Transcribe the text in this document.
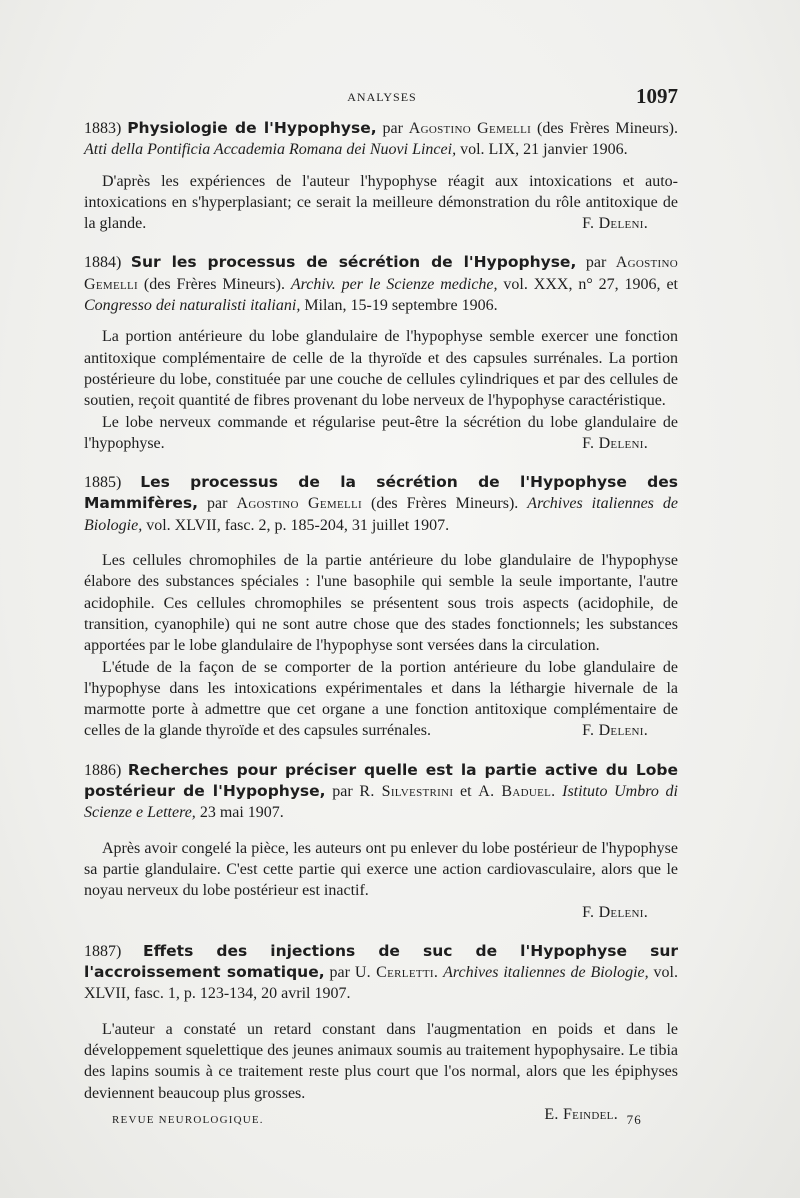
ANALYSES	1097

1883) Physiologie de l'Hypophyse, par Agostino Gemelli (des Frères Mineurs). Atti della Pontificia Accademia Romana dei Nuovi Lincei, vol. LIX, 21 janvier 1906.

D'après les expériences de l'auteur l'hypophyse réagit aux intoxications et auto-intoxications en s'hyperplasiant; ce serait la meilleure démonstration du rôle antitoxique de la glande.	F. Deleni.

1884) Sur les processus de sécrétion de l'Hypophyse, par Agostino Gemelli (des Frères Mineurs). Archiv. per le Scienze mediche, vol. XXX, n° 27, 1906, et Congresso dei naturalisti italiani, Milan, 15-19 septembre 1906.

La portion antérieure du lobe glandulaire de l'hypophyse semble exercer une fonction antitoxique complémentaire de celle de la thyroïde et des capsules surrénales. La portion postérieure du lobe, constituée par une couche de cellules cylindriques et par des cellules de soutien, reçoit quantité de fibres provenant du lobe nerveux de l'hypophyse caractéristique.

Le lobe nerveux commande et régularise peut-être la sécrétion du lobe glandulaire de l'hypophyse.	F. Deleni.

1885) Les processus de la sécrétion de l'Hypophyse des Mammifères, par Agostino Gemelli (des Frères Mineurs). Archives italiennes de Biologie, vol. XLVII, fasc. 2, p. 185-204, 31 juillet 1907.

Les cellules chromophiles de la partie antérieure du lobe glandulaire de l'hypophyse élabore des substances spéciales : l'une basophile qui semble la seule importante, l'autre acidophile. Ces cellules chromophiles se présentent sous trois aspects (acidophile, de transition, cyanophile) qui ne sont autre chose que des stades fonctionnels; les substances apportées par le lobe glandulaire de l'hypophyse sont versées dans la circulation.

L'étude de la façon de se comporter de la portion antérieure du lobe glandulaire de l'hypophyse dans les intoxications expérimentales et dans la léthargie hivernale de la marmotte porte à admettre que cet organe a une fonction antitoxique complémentaire de celles de la glande thyroïde et des capsules surrénales.	F. Deleni.

1886) Recherches pour préciser quelle est la partie active du Lobe postérieur de l'Hypophyse, par R. Silvestrini et A. Baduel. Istituto Umbro di Scienze e Lettere, 23 mai 1907.

Après avoir congelé la pièce, les auteurs ont pu enlever du lobe postérieur de l'hypophyse sa partie glandulaire. C'est cette partie qui exerce une action cardiovasculaire, alors que le noyau nerveux du lobe postérieur est inactif.

F. Deleni.

1887) Effets des injections de suc de l'Hypophyse sur l'accroissement somatique, par U. Cerletti. Archives italiennes de Biologie, vol. XLVII, fasc. 1, p. 123-134, 20 avril 1907.

L'auteur a constaté un retard constant dans l'augmentation en poids et dans le développement squelettique des jeunes animaux soumis au traitement hypophysaire. Le tibia des lapins soumis à ce traitement reste plus court que l'os normal, alors que les épiphyses deviennent beaucoup plus grosses.

E. Feindel.

REVUE NEUROLOGIQUE.	76
